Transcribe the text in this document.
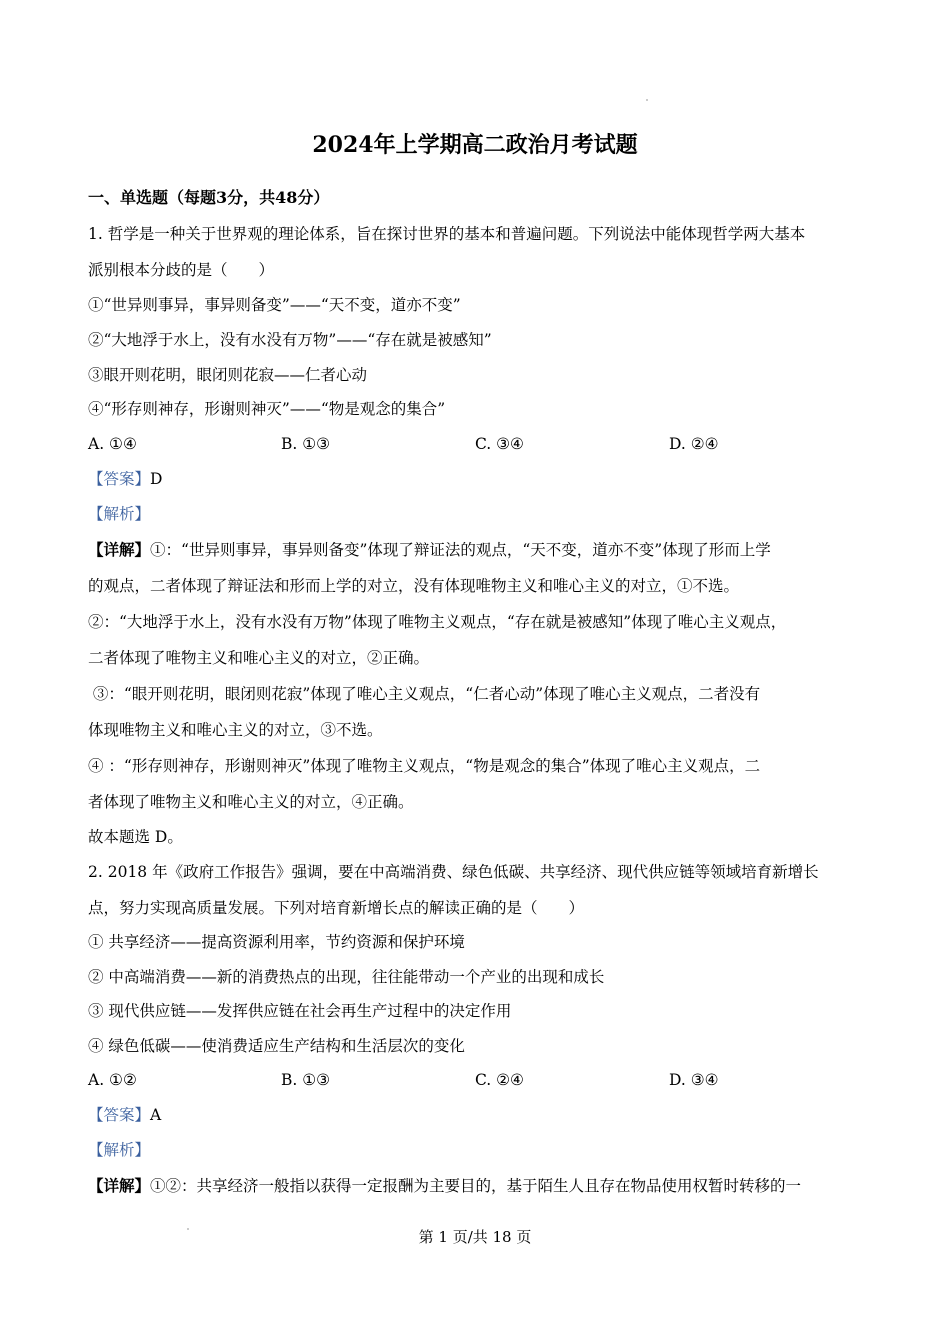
2024年上学期高二政治月考试题
一、单选题（每题3分，共48分）
1. 哲学是一种关于世界观的理论体系，旨在探讨世界的基本和普遍问题。下列说法中能体现哲学两大基本
派别根本分歧的是（　　）
①“世异则事异，事异则备变”——“天不变，道亦不变”
②“大地浮于水上，没有水没有万物”——“存在就是被感知”
③眼开则花明，眼闭则花寂——仁者心动
④“形存则神存，形谢则神灭”——“物是观念的集合”
A. ①④	B. ①③	C. ③④	D. ②④
【答案】D
【解析】
【详解】①：“世异则事异，事异则备变”体现了辩证法的观点，“天不变，道亦不变”体现了形而上学
的观点，二者体现了辩证法和形而上学的对立，没有体现唯物主义和唯心主义的对立，①不选。
②：“大地浮于水上，没有水没有万物”体现了唯物主义观点，“存在就是被感知”体现了唯心主义观点，
二者体现了唯物主义和唯心主义的对立，②正确。
③：“眼开则花明，眼闭则花寂”体现了唯心主义观点，“仁者心动”体现了唯心主义观点，二者没有
体现唯物主义和唯心主义的对立，③不选。
④ ：“形存则神存，形谢则神灭”体现了唯物主义观点，“物是观念的集合”体现了唯心主义观点，二
者体现了唯物主义和唯心主义的对立，④正确。
故本题选 D。
2. 2018 年《政府工作报告》强调，要在中高端消费、绿色低碳、共享经济、现代供应链等领域培育新增长
点，努力实现高质量发展。下列对培育新增长点的解读正确的是（　　）
① 共享经济——提高资源利用率，节约资源和保护环境
② 中高端消费——新的消费热点的出现，往往能带动一个产业的出现和成长
③ 现代供应链——发挥供应链在社会再生产过程中的决定作用
④ 绿色低碳——使消费适应生产结构和生活层次的变化
A. ①②	B. ①③	C. ②④	D. ③④
【答案】A
【解析】
【详解】①②：共享经济一般指以获得一定报酬为主要目的，基于陌生人且存在物品使用权暂时转移的一
第 1 页/共 18 页
